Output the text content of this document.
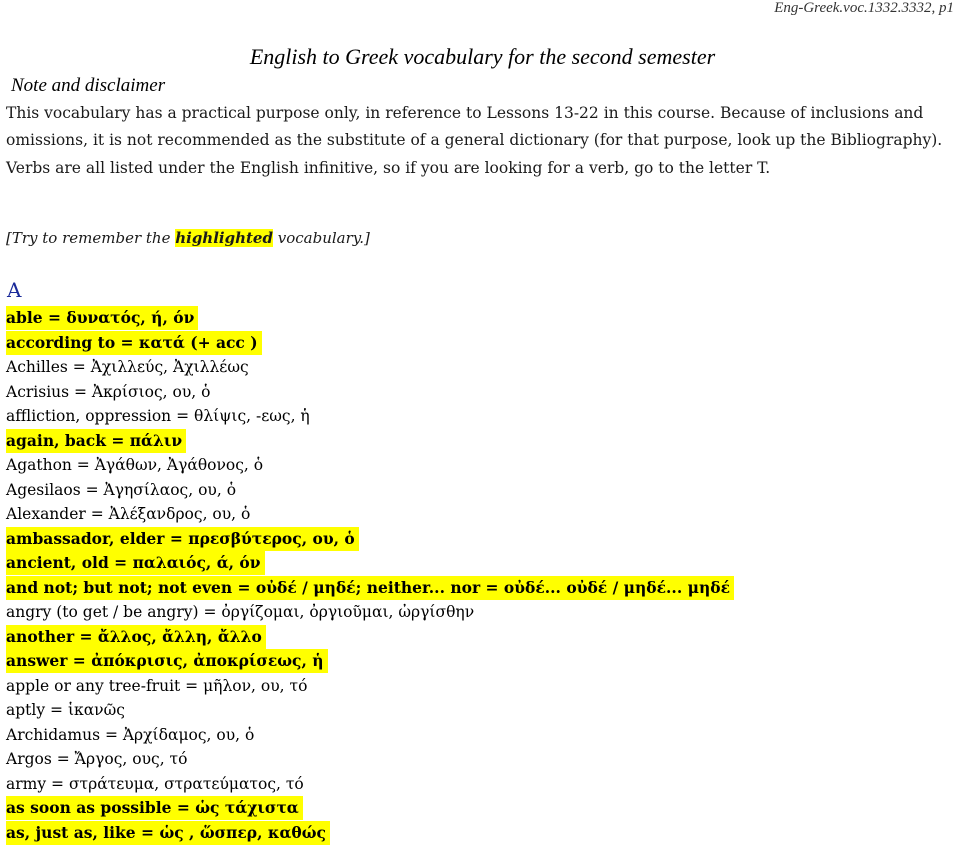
Eng-Greek.voc.1332.3332, p1
English to Greek vocabulary for the second semester
Note and disclaimer

This vocabulary has a practical purpose only, in reference to Lessons 13-22 in this course. Because of inclusions and omissions, it is not recommended as the substitute of a general dictionary (for that purpose, look up the Bibliography).

Verbs are all listed under the English infinitive, so if you are looking for a verb, go to the letter T.

[Try to remember the highlighted vocabulary.]
A
able = δυνατός, ή, όν
according to = κατά (+ acc )
Achilles = Ἀχιλλεύς, Ἀχιλλέως
Acrisius = Ἀκρίσιος, ου, ὁ
affliction, oppression = θλίψις, -εως, ἡ
again, back = πάλιν
Agathon = Ἀγάθων, Ἀγάθονος, ὁ
Agesilaos = Ἀγησίλαος, ου, ὁ
Alexander = Ἀλέξανδρος, ου, ὁ
ambassador, elder = πρεσβύτερος, ου, ὁ
ancient, old = παλαιός, ά, όν
and not; but not; not even = οὐδέ / μηδέ; neither... nor = οὐδέ... οὐδέ / μηδέ... μηδέ
angry (to get / be angry) = ὀργίζομαι, ὀργιοῦμαι, ὠργίσθην
another = ἄλλος, ἄλλη, ἄλλο
answer = ἀπόκρισις, ἀποκρίσεως, ἡ
apple or any tree-fruit = μῆλον, ου, τό
aptly = ἱκανῶς
Archidamus = Ἀρχίδαμος, ου, ὁ
Argos = Ἄργος, ους, τό
army = στράτευμα, στρατεύματος, τό
as soon as possible = ὡς τάχιστα
as, just as, like = ὡς , ὥσπερ, καθώς
